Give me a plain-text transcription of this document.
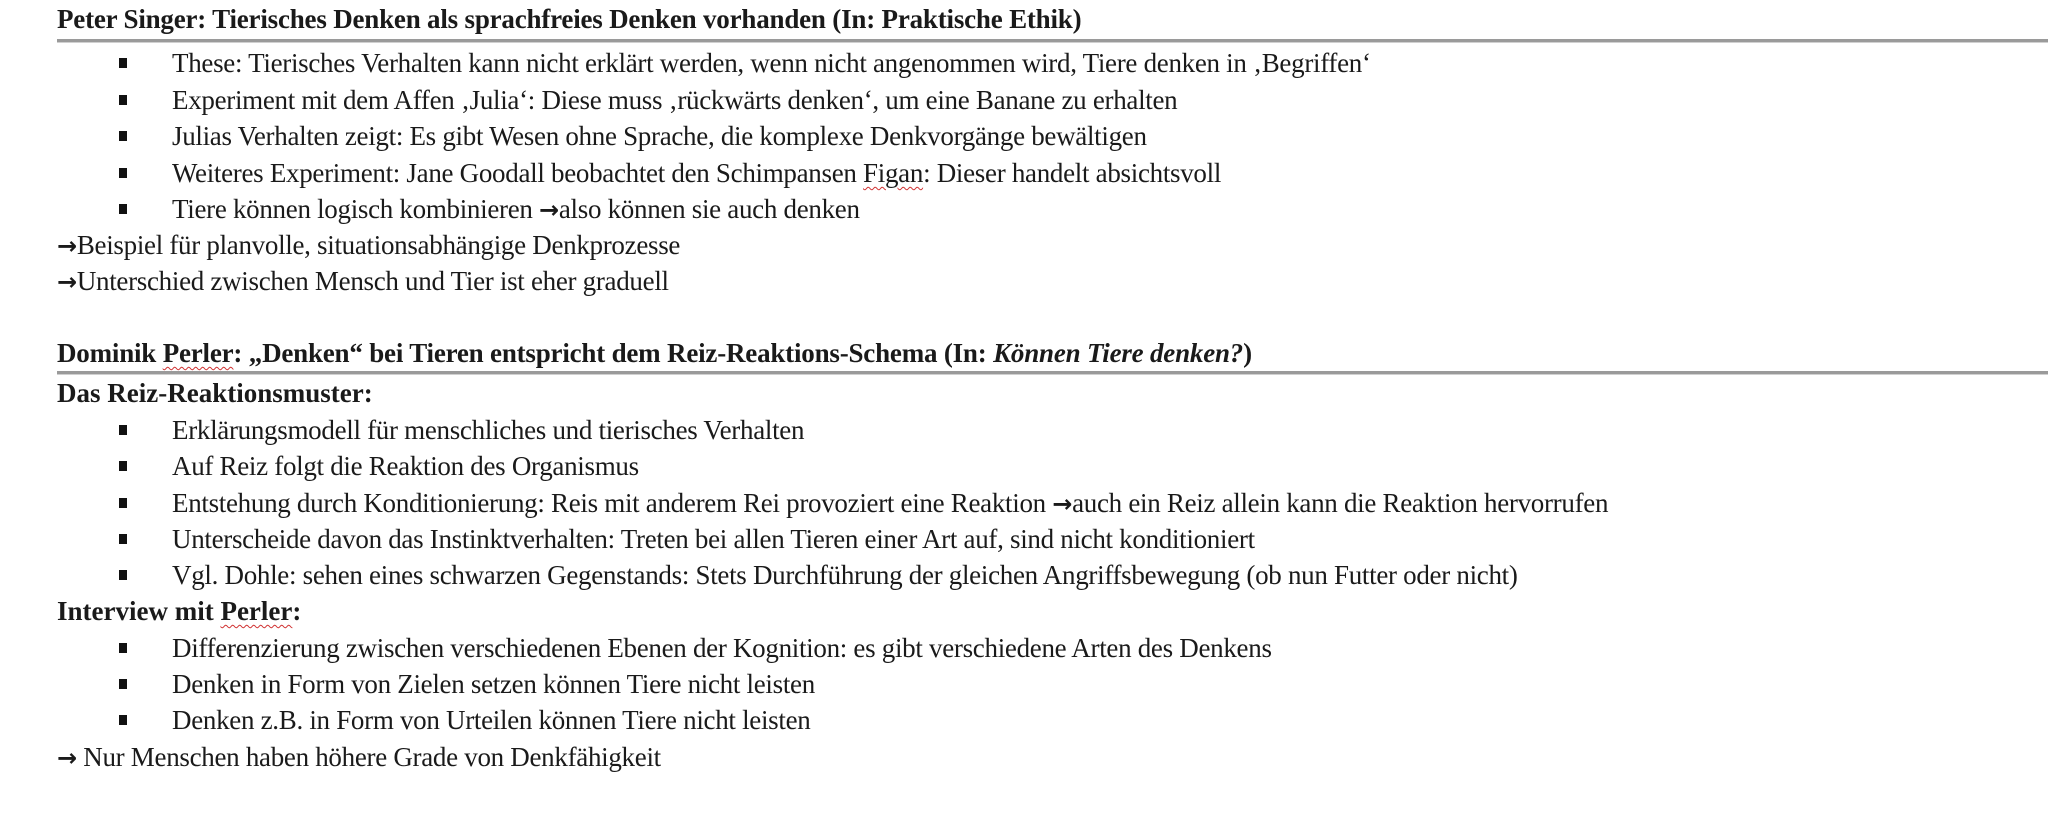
Peter Singer: Tierisches Denken als sprachfreies Denken vorhanden (In: Praktische Ethik)
These: Tierisches Verhalten kann nicht erklärt werden, wenn nicht angenommen wird, Tiere denken in ‚Begriffen‘
Experiment mit dem Affen ‚Julia‘: Diese muss ‚rückwärts denken‘, um eine Banane zu erhalten
Julias Verhalten zeigt: Es gibt Wesen ohne Sprache, die komplexe Denkvorgänge bewältigen
Weiteres Experiment: Jane Goodall beobachtet den Schimpansen Figan: Dieser handelt absichtsvoll
Tiere können logisch kombinieren →also können sie auch denken
→Beispiel für planvolle, situationsabhängige Denkprozesse
→Unterschied zwischen Mensch und Tier ist eher graduell
Dominik Perler: „Denken“ bei Tieren entspricht dem Reiz-Reaktions-Schema (In: Können Tiere denken?)
Das Reiz-Reaktionsmuster:
Erklärungsmodell für menschliches und tierisches Verhalten
Auf Reiz folgt die Reaktion des Organismus
Entstehung durch Konditionierung: Reis mit anderem Rei provoziert eine Reaktion →auch ein Reiz allein kann die Reaktion hervorrufen
Unterscheide davon das Instinktverhalten: Treten bei allen Tieren einer Art auf, sind nicht konditioniert
Vgl. Dohle: sehen eines schwarzen Gegenstands: Stets Durchführung der gleichen Angriffsbewegung (ob nun Futter oder nicht)
Interview mit Perler:
Differenzierung zwischen verschiedenen Ebenen der Kognition: es gibt verschiedene Arten des Denkens
Denken in Form von Zielen setzen können Tiere nicht leisten
Denken z.B. in Form von Urteilen können Tiere nicht leisten
→ Nur Menschen haben höhere Grade von Denkfähigkeit
